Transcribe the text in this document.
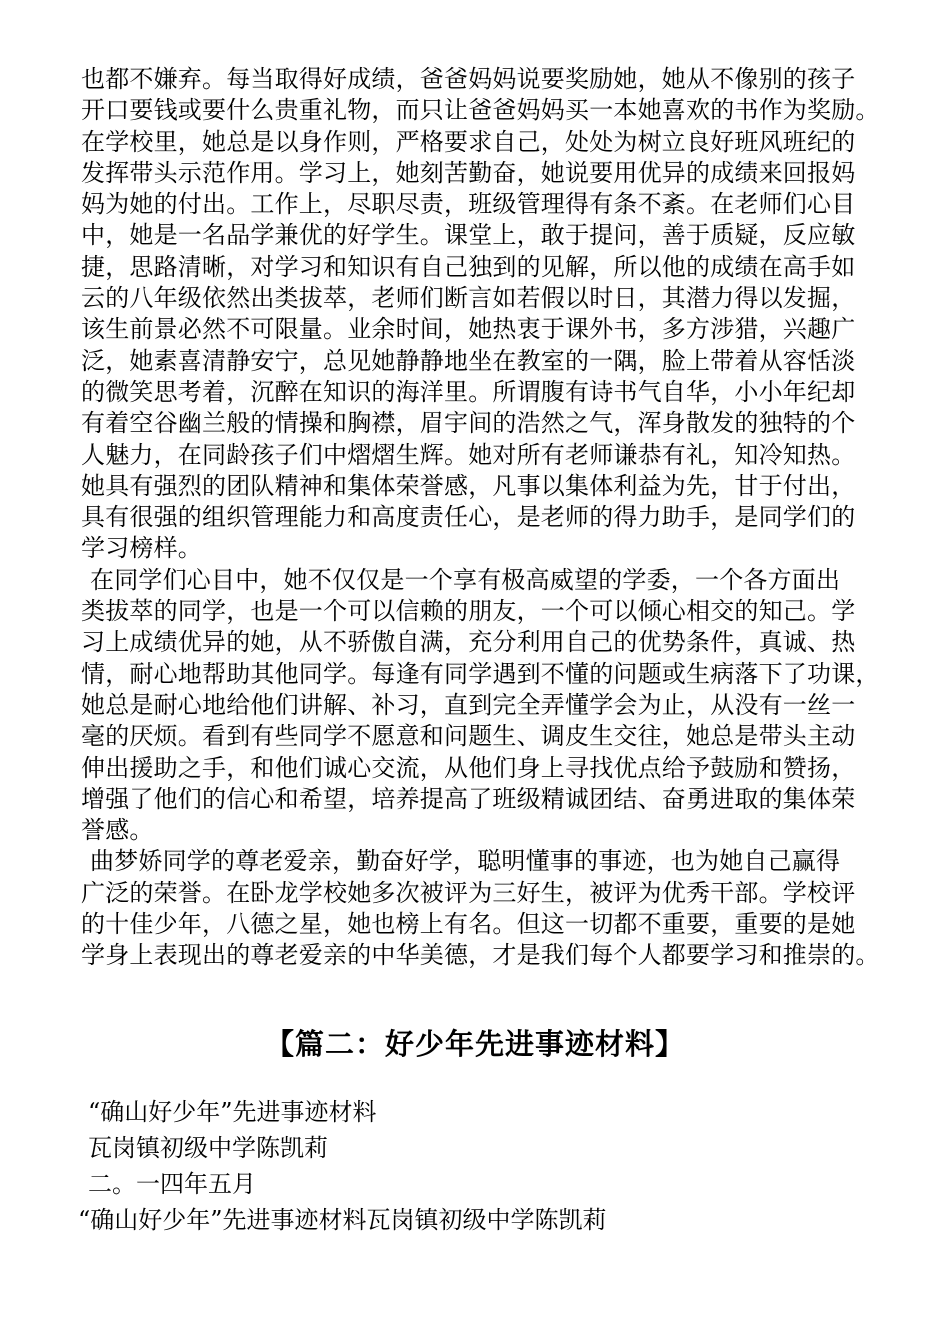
也都不嫌弃。每当取得好成绩，爸爸妈妈说要奖励她，她从不像别的孩子
开口要钱或要什么贵重礼物，而只让爸爸妈妈买一本她喜欢的书作为奖励。
在学校里，她总是以身作则，严格要求自己，处处为树立良好班风班纪的
发挥带头示范作用。学习上，她刻苦勤奋，她说要用优异的成绩来回报妈
妈为她的付出。工作上，尽职尽责，班级管理得有条不紊。在老师们心目
中，她是一名品学兼优的好学生。课堂上，敢于提问，善于质疑，反应敏
捷，思路清晰，对学习和知识有自己独到的见解，所以他的成绩在高手如
云的八年级依然出类拔萃，老师们断言如若假以时日，其潜力得以发掘，
该生前景必然不可限量。业余时间，她热衷于课外书，多方涉猎，兴趣广
泛，她素喜清静安宁，总见她静静地坐在教室的一隅，脸上带着从容恬淡
的微笑思考着，沉醉在知识的海洋里。所谓腹有诗书气自华，小小年纪却
有着空谷幽兰般的情操和胸襟，眉宇间的浩然之气，浑身散发的独特的个
人魅力，在同龄孩子们中熠熠生辉。她对所有老师谦恭有礼，知冷知热。
她具有强烈的团队精神和集体荣誉感，凡事以集体利益为先，甘于付出，
具有很强的组织管理能力和高度责任心，是老师的得力助手，是同学们的
学习榜样。
在同学们心目中，她不仅仅是一个享有极高威望的学委，一个各方面出
类拔萃的同学，也是一个可以信赖的朋友，一个可以倾心相交的知己。学
习上成绩优异的她，从不骄傲自满，充分利用自己的优势条件，真诚、热
情，耐心地帮助其他同学。每逢有同学遇到不懂的问题或生病落下了功课，
她总是耐心地给他们讲解、补习，直到完全弄懂学会为止，从没有一丝一
毫的厌烦。看到有些同学不愿意和问题生、调皮生交往，她总是带头主动
伸出援助之手，和他们诚心交流，从他们身上寻找优点给予鼓励和赞扬，
增强了他们的信心和希望，培养提高了班级精诚团结、奋勇进取的集体荣
誉感。
曲梦娇同学的尊老爱亲，勤奋好学，聪明懂事的事迹，也为她自己赢得
广泛的荣誉。在卧龙学校她多次被评为三好生，被评为优秀干部。学校评
的十佳少年，八德之星，她也榜上有名。但这一切都不重要，重要的是她
学身上表现出的尊老爱亲的中华美德，才是我们每个人都要学习和推崇的。
【篇二：好少年先进事迹材料】
“确山好少年”先进事迹材料
瓦岗镇初级中学陈凯莉
二。一四年五月
“确山好少年”先进事迹材料瓦岗镇初级中学陈凯莉
